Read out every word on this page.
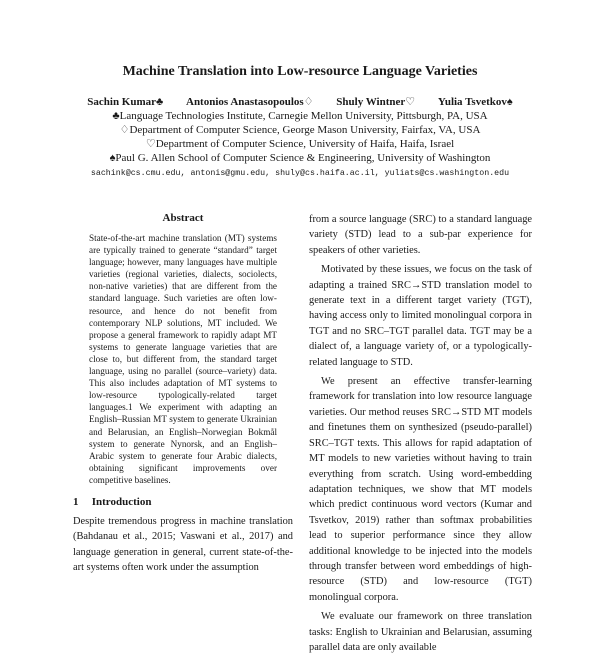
Machine Translation into Low-resource Language Varieties
Sachin Kumar♣ Antonios Anastasopoulos♢ Shuly Wintner♡ Yulia Tsvetkov♠
♣Language Technologies Institute, Carnegie Mellon University, Pittsburgh, PA, USA
♢Department of Computer Science, George Mason University, Fairfax, VA, USA
♡Department of Computer Science, University of Haifa, Haifa, Israel
♠Paul G. Allen School of Computer Science & Engineering, University of Washington
sachink@cs.cmu.edu, antonis@gmu.edu, shuly@cs.haifa.ac.il, yuliats@cs.washington.edu
Abstract

State-of-the-art machine translation (MT) systems are typically trained to generate “standard” target language; however, many languages have multiple varieties (regional varieties, dialects, sociolects, non-native varieties) that are different from the standard language. Such varieties are often low-resource, and hence do not benefit from contemporary NLP solutions, MT included. We propose a general framework to rapidly adapt MT systems to generate language varieties that are close to, but different from, the standard target language, using no parallel (source–variety) data. This also includes adaptation of MT systems to low-resource typologically-related target languages.1 We experiment with adapting an English–Russian MT system to generate Ukrainian and Belarusian, an English–Norwegian Bokmål system to generate Nynorsk, and an English–Arabic system to generate four Arabic dialects, obtaining significant improvements over competitive baselines.

1 Introduction

Despite tremendous progress in machine translation (Bahdanau et al., 2015; Vaswani et al., 2017) and language generation in general, current state-of-the-art systems often work under the assumption

from a source language (SRC) to a standard language variety (STD) lead to a sub-par experience for speakers of other varieties.

Motivated by these issues, we focus on the task of adapting a trained SRC→STD translation model to generate text in a different target variety (TGT), having access only to limited monolingual corpora in TGT and no SRC–TGT parallel data. TGT may be a dialect of, a language variety of, or a typologically-related language to STD.

We present an effective transfer-learning framework for translation into low resource language varieties. Our method reuses SRC→STD MT models and finetunes them on synthesized (pseudo-parallel) SRC–TGT texts. This allows for rapid adaptation of MT models to new varieties without having to train everything from scratch. Using word-embedding adaptation techniques, we show that MT models which predict continuous word vectors (Kumar and Tsvetkov, 2019) rather than softmax probabilities lead to superior performance since they allow additional knowledge to be injected into the models through transfer between word embeddings of high-resource (STD) and low-resource (TGT) monolingual corpora.

We evaluate our framework on three translation tasks: English to Ukrainian and Belarusian, assuming parallel data are only available
